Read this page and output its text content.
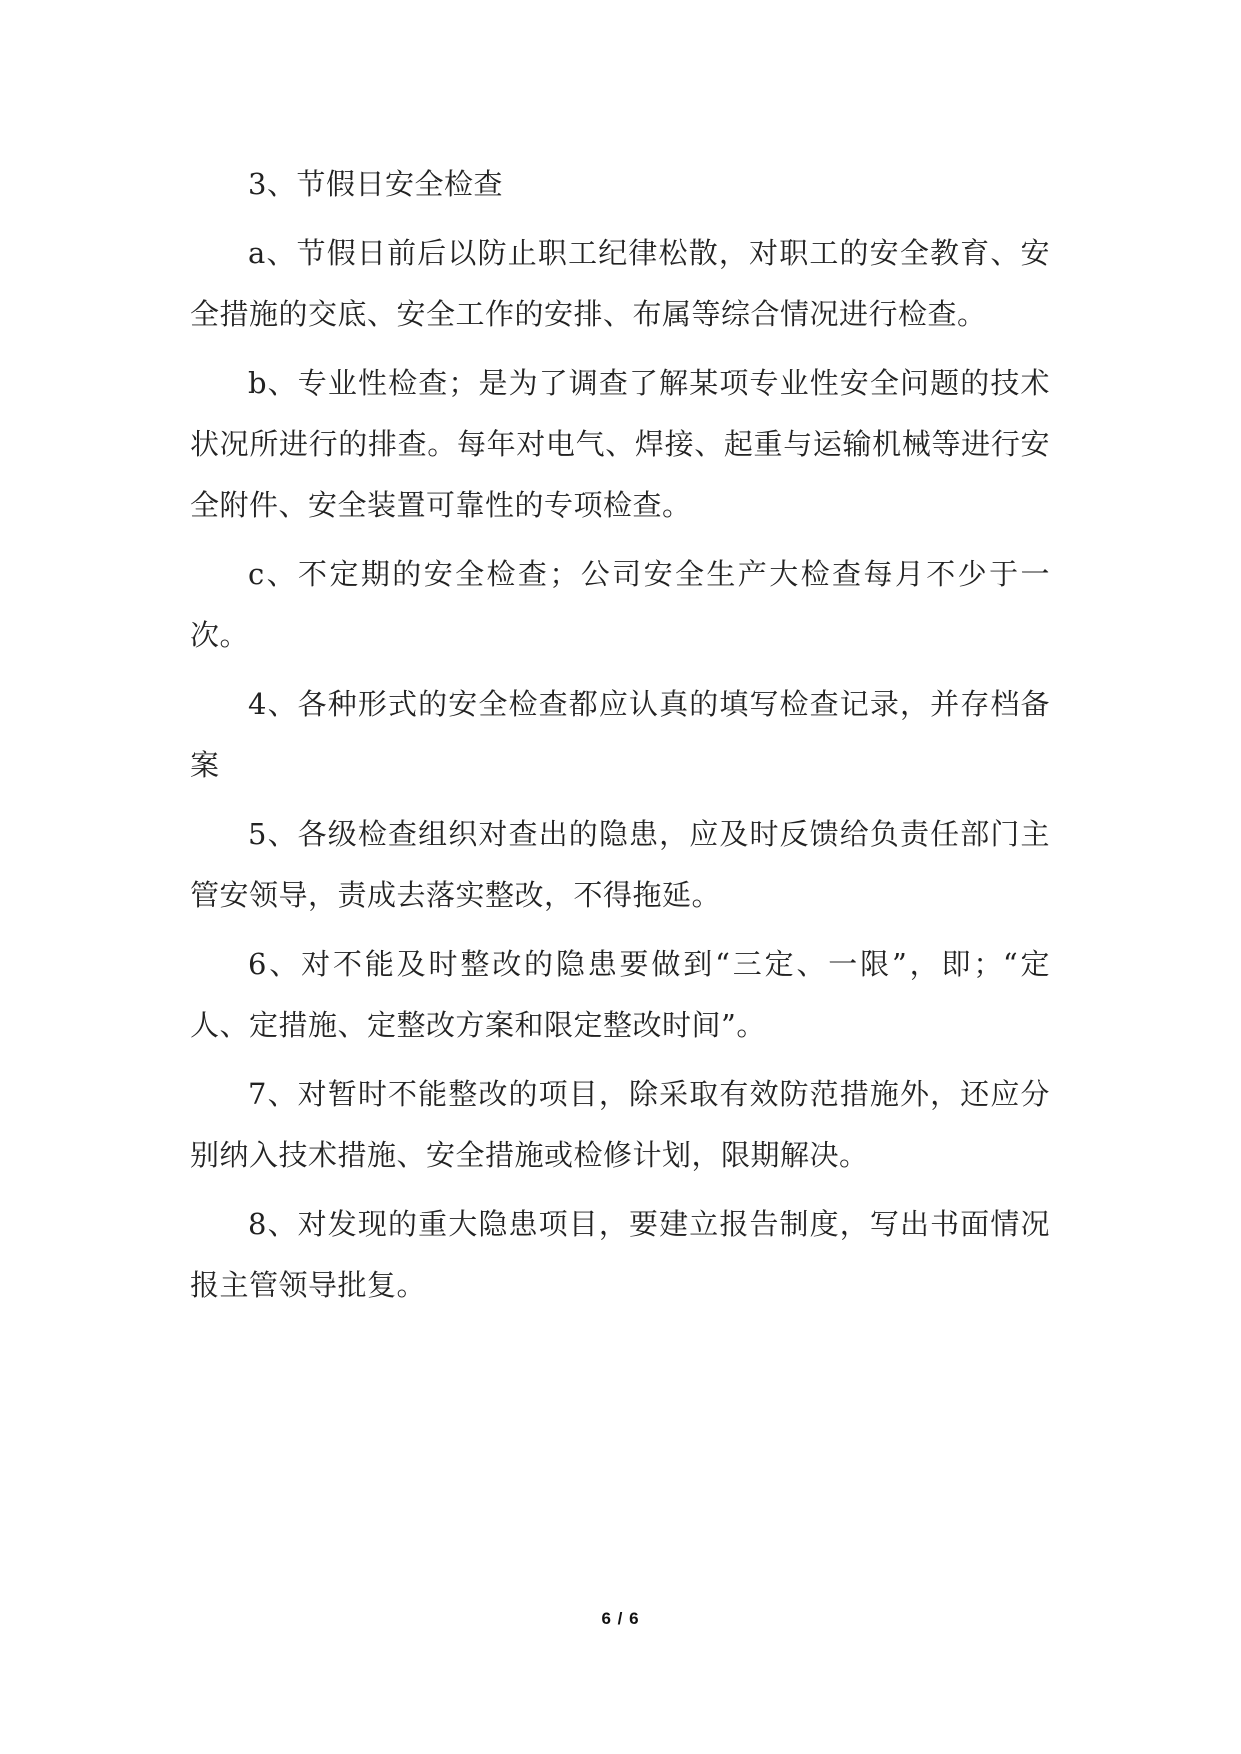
3、节假日安全检查

a、节假日前后以防止职工纪律松散，对职工的安全教育、安全措施的交底、安全工作的安排、布属等综合情况进行检查。

b、专业性检查；是为了调查了解某项专业性安全问题的技术状况所进行的排查。每年对电气、焊接、起重与运输机械等进行安全附件、安全装置可靠性的专项检查。

c、不定期的安全检查；公司安全生产大检查每月不少于一次。

4、各种形式的安全检查都应认真的填写检查记录，并存档备案

5、各级检查组织对查出的隐患，应及时反馈给负责任部门主管安领导，责成去落实整改，不得拖延。

6、对不能及时整改的隐患要做到“三定、一限”，即；“定人、定措施、定整改方案和限定整改时间”。

7、对暂时不能整改的项目，除采取有效防范措施外，还应分别纳入技术措施、安全措施或检修计划，限期解决。

8、对发现的重大隐患项目，要建立报告制度，写出书面情况报主管领导批复。

6 / 6
